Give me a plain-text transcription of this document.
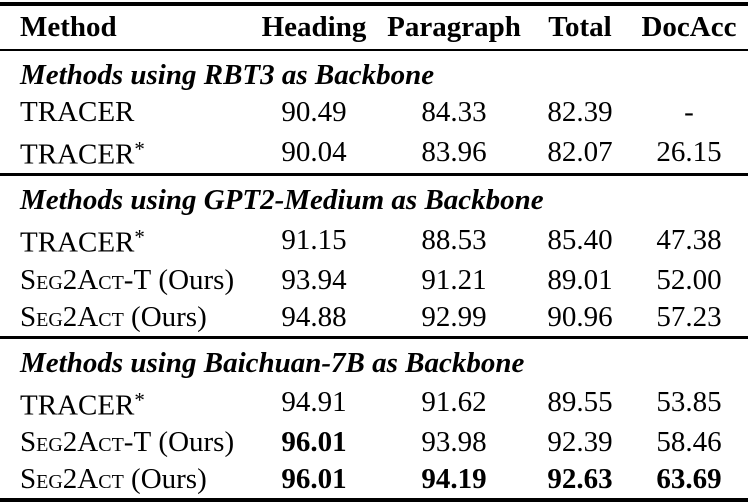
Method	Heading	Paragraph	Total	DocAcc
Methods using RBT3 as Backbone				
TRACER	90.49	84.33	82.39	-
TRACER*	90.04	83.96	82.07	26.15
Methods using GPT2-Medium as Backbone				
TRACER*	91.15	88.53	85.40	47.38
Seg2Act-T (Ours)	93.94	91.21	89.01	52.00
Seg2Act (Ours)	94.88	92.99	90.96	57.23
Methods using Baichuan-7B as Backbone				
TRACER*	94.91	91.62	89.55	53.85
Seg2Act-T (Ours)	96.01	93.98	92.39	58.46
Seg2Act (Ours)	96.01	94.19	92.63	63.69
